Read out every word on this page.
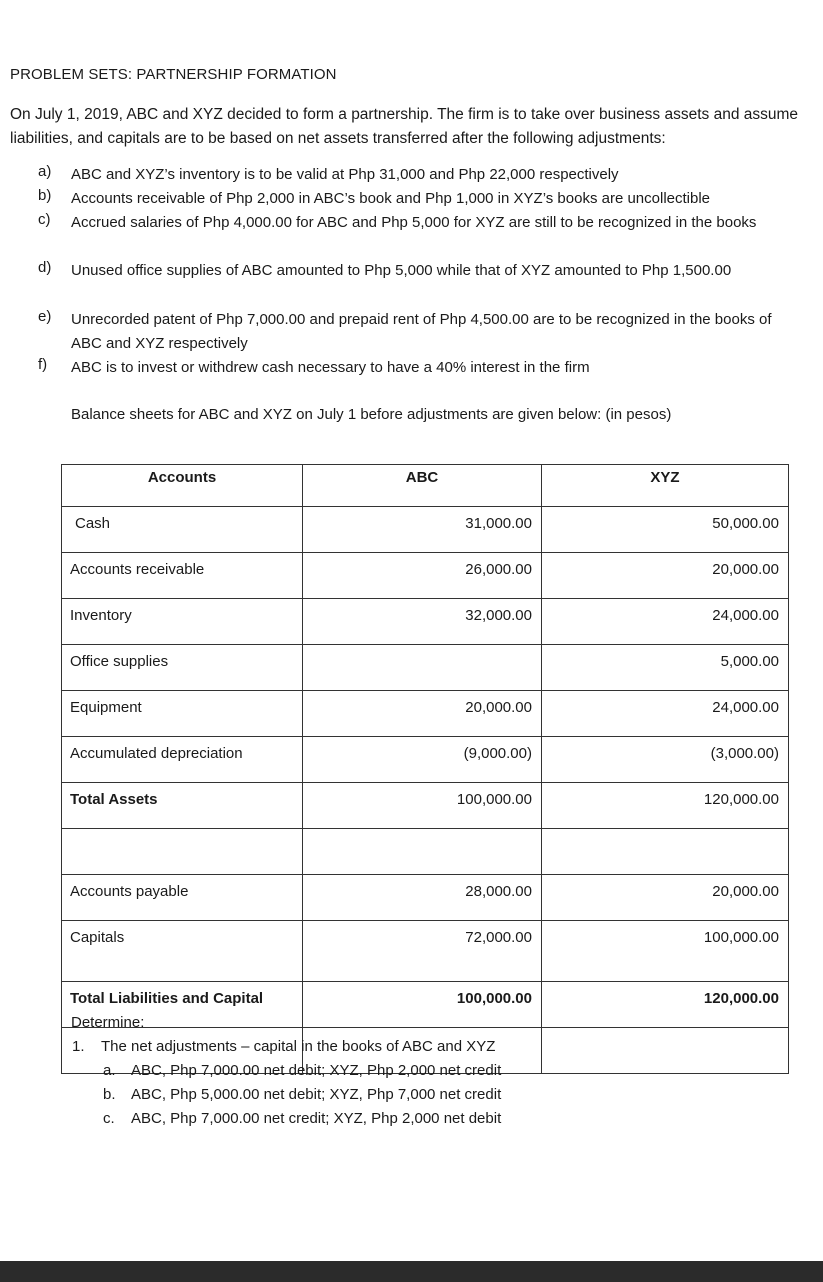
PROBLEM SETS: PARTNERSHIP FORMATION
On July 1, 2019, ABC and XYZ decided to form a partnership. The firm is to take over business assets and assume liabilities, and capitals are to be based on net assets transferred after the following adjustments:
a) ABC and XYZ’s inventory is to be valid at Php 31,000 and Php 22,000 respectively
b) Accounts receivable of Php 2,000 in ABC’s book and Php 1,000 in XYZ’s books are uncollectible
c) Accrued salaries of Php 4,000.00 for ABC and Php 5,000 for XYZ are still to be recognized in the books
d) Unused office supplies of ABC amounted to Php 5,000 while that of XYZ amounted to Php 1,500.00
e) Unrecorded patent of Php 7,000.00 and prepaid rent of Php 4,500.00 are to be recognized in the books of ABC and XYZ respectively
f) ABC is to invest or withdrew cash necessary to have a 40% interest in the firm
Balance sheets for ABC and XYZ on July 1 before adjustments are given below: (in pesos)
Accounts	ABC	XYZ
Cash	31,000.00	50,000.00
Accounts receivable	26,000.00	20,000.00
Inventory	32,000.00	24,000.00
Office supplies		5,000.00
Equipment	20,000.00	24,000.00
Accumulated depreciation	(9,000.00)	(3,000.00)
Total Assets	100,000.00	120,000.00

Accounts payable	28,000.00	20,000.00
Capitals	72,000.00	100,000.00
Total Liabilities and Capital	100,000.00	120,000.00

Determine:
1. The net adjustments – capital in the books of ABC and XYZ
a. ABC, Php 7,000.00 net debit; XYZ, Php 2,000 net credit
b. ABC, Php 5,000.00 net debit; XYZ, Php 7,000 net credit
c. ABC, Php 7,000.00 net credit; XYZ, Php 2,000 net debit
